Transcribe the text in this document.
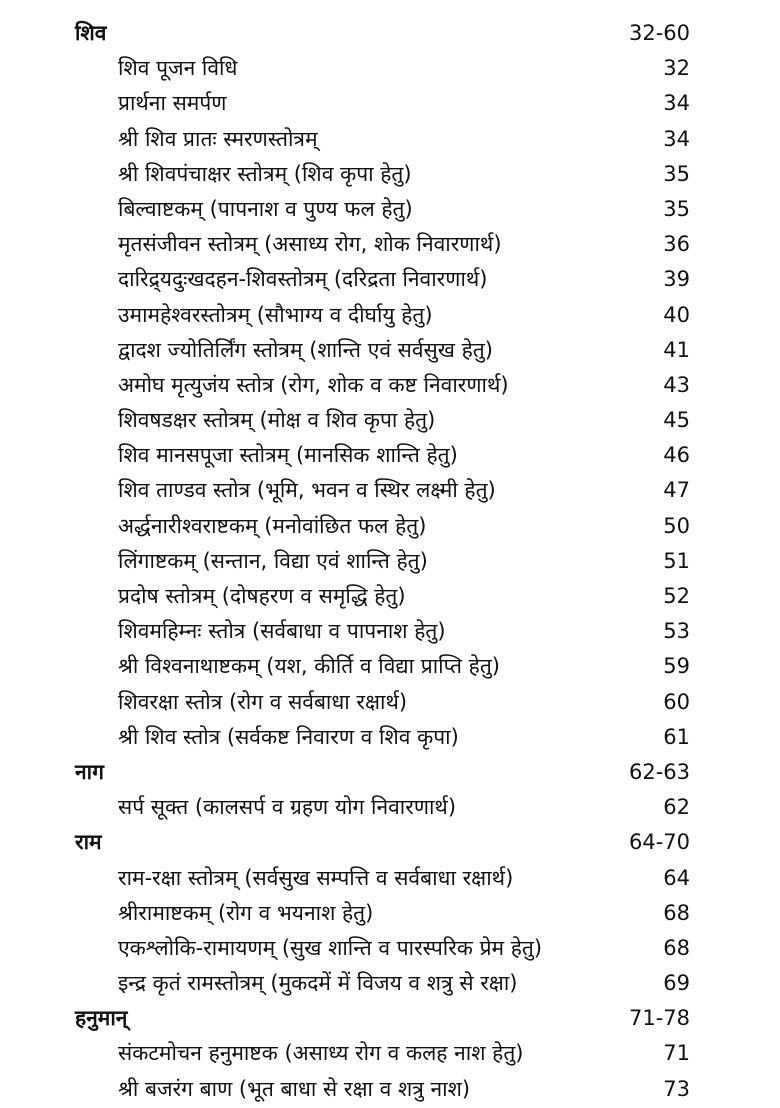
शिव	32-60
शिव पूजन विधि	32
प्रार्थना समर्पण	34
श्री शिव प्रातः स्मरणस्तोत्रम्	34
श्री शिवपंचाक्षर स्तोत्रम् (शिव कृपा हेतु)	35
बिल्वाष्टकम् (पापनाश व पुण्य फल हेतु)	35
मृतसंजीवन स्तोत्रम् (असाध्य रोग, शोक निवारणार्थ)	36
दारिद्र्यदुःखदहन-शिवस्तोत्रम् (दरिद्रता निवारणार्थ)	39
उमामहेश्वरस्तोत्रम् (सौभाग्य व दीर्घायु हेतु)	40
द्वादश ज्योतिर्लिंग स्तोत्रम् (शान्ति एवं सर्वसुख हेतु)	41
अमोघ मृत्युजंय स्तोत्र (रोग, शोक व कष्ट निवारणार्थ)	43
शिवषडक्षर स्तोत्रम् (मोक्ष व शिव कृपा हेतु)	45
शिव मानसपूजा स्तोत्रम् (मानसिक शान्ति हेतु)	46
शिव ताण्डव स्तोत्र (भूमि, भवन व स्थिर लक्ष्मी हेतु)	47
अर्द्धनारीश्वराष्टकम् (मनोवांछित फल हेतु)	50
लिंगाष्टकम् (सन्तान, विद्या एवं शान्ति हेतु)	51
प्रदोष स्तोत्रम् (दोषहरण व समृद्धि हेतु)	52
शिवमहिम्नः स्तोत्र (सर्वबाधा व पापनाश हेतु)	53
श्री विश्वनाथाष्टकम् (यश, कीर्ति व विद्या प्राप्ति हेतु)	59
शिवरक्षा स्तोत्र (रोग व सर्वबाधा रक्षार्थ)	60
श्री शिव स्तोत्र (सर्वकष्ट निवारण व शिव कृपा)	61
नाग	62-63
सर्प सूक्त (कालसर्प व ग्रहण योग निवारणार्थ)	62
राम	64-70
राम-रक्षा स्तोत्रम् (सर्वसुख सम्पत्ति व सर्वबाधा रक्षार्थ)	64
श्रीरामाष्टकम् (रोग व भयनाश हेतु)	68
एकश्लोकि-रामायणम् (सुख शान्ति व पारस्परिक प्रेम हेतु)	68
इन्द्र कृतं रामस्तोत्रम् (मुकदमें में विजय व शत्रु से रक्षा)	69
हनुमान्	71-78
संकटमोचन हनुमाष्टक (असाध्य रोग व कलह नाश हेतु)	71
श्री बजरंग बाण (भूत बाधा से रक्षा व शत्रु नाश)	73
